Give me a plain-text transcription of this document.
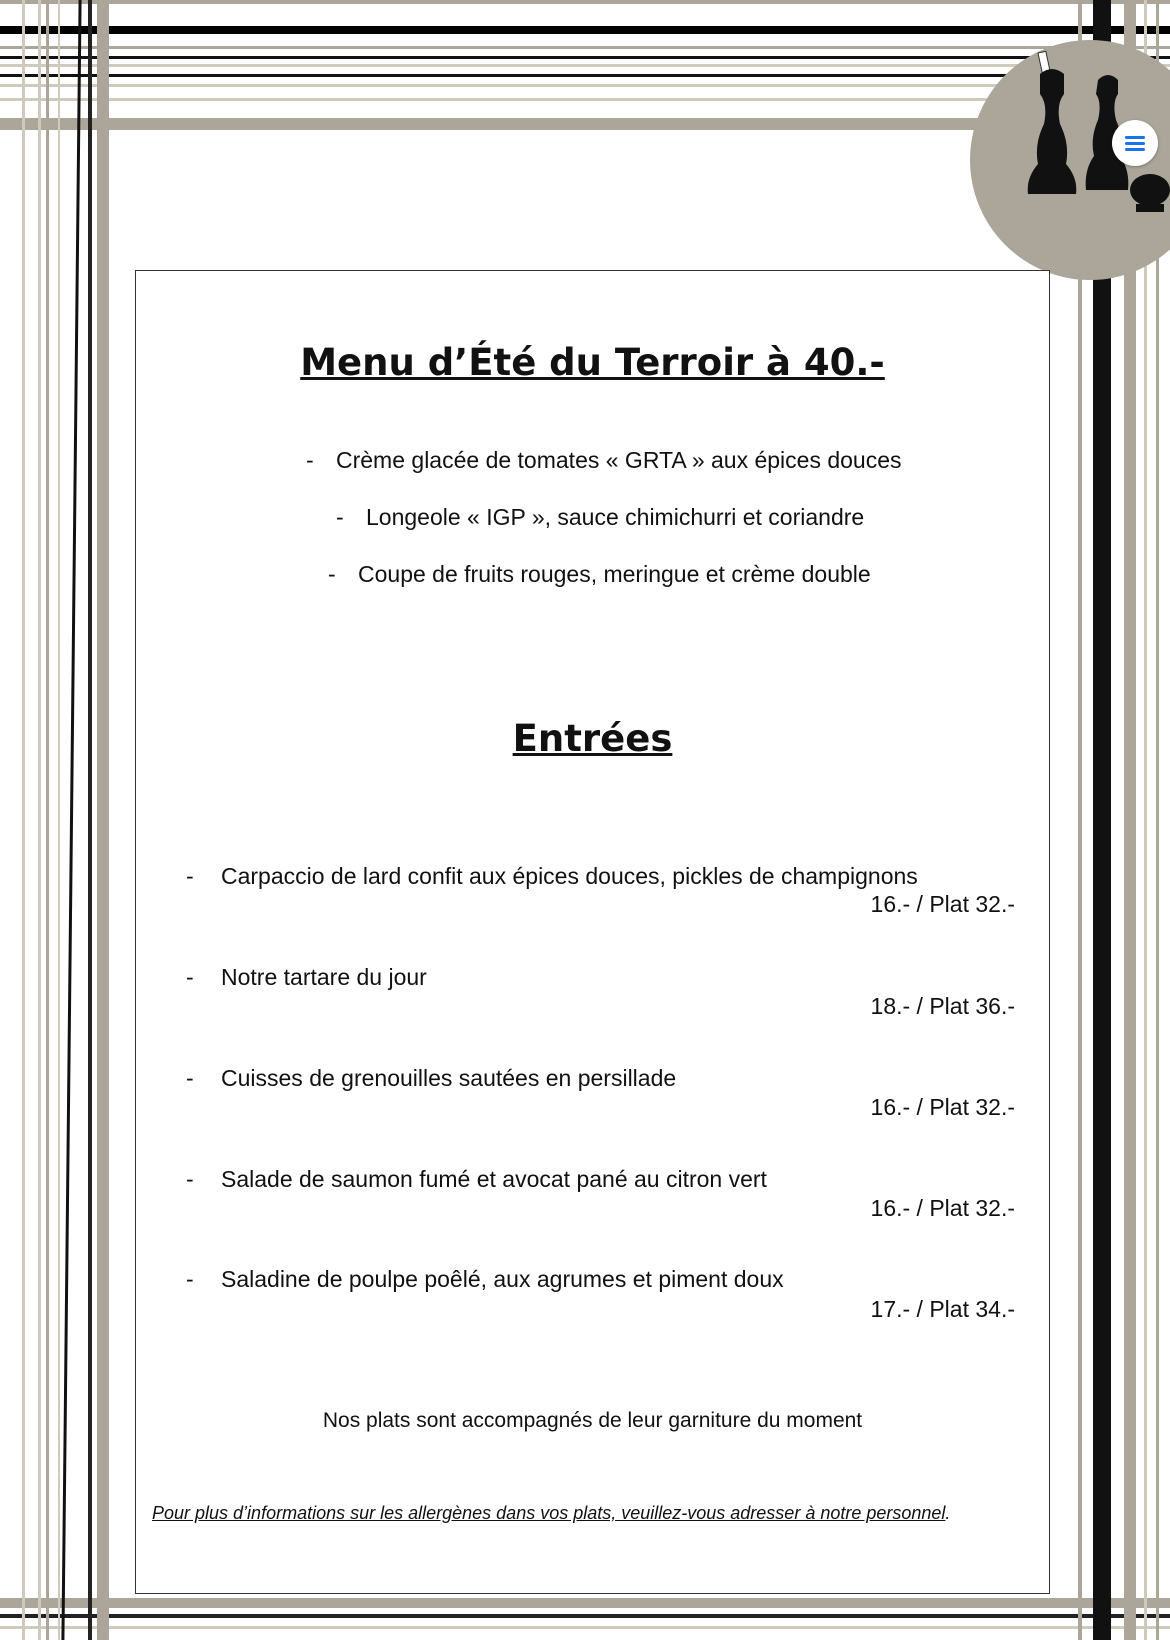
Menu d’Été du Terroir à 40.-
- Crème glacée de tomates « GRTA » aux épices douces
- Longeole « IGP », sauce chimichurri et coriandre
- Coupe de fruits rouges, meringue et crème double
Entrées
- Carpaccio de lard confit aux épices douces, pickles de champignons
16.- / Plat 32.-
- Notre tartare du jour
18.- / Plat 36.-
- Cuisses de grenouilles sautées en persillade
16.- / Plat 32.-
- Salade de saumon fumé et avocat pané au citron vert
16.- / Plat 32.-
- Saladine de poulpe poêlé, aux agrumes et piment doux
17.- / Plat 34.-
Nos plats sont accompagnés de leur garniture du moment
Pour plus d’informations sur les allergènes dans vos plats, veuillez-vous adresser à notre personnel.
